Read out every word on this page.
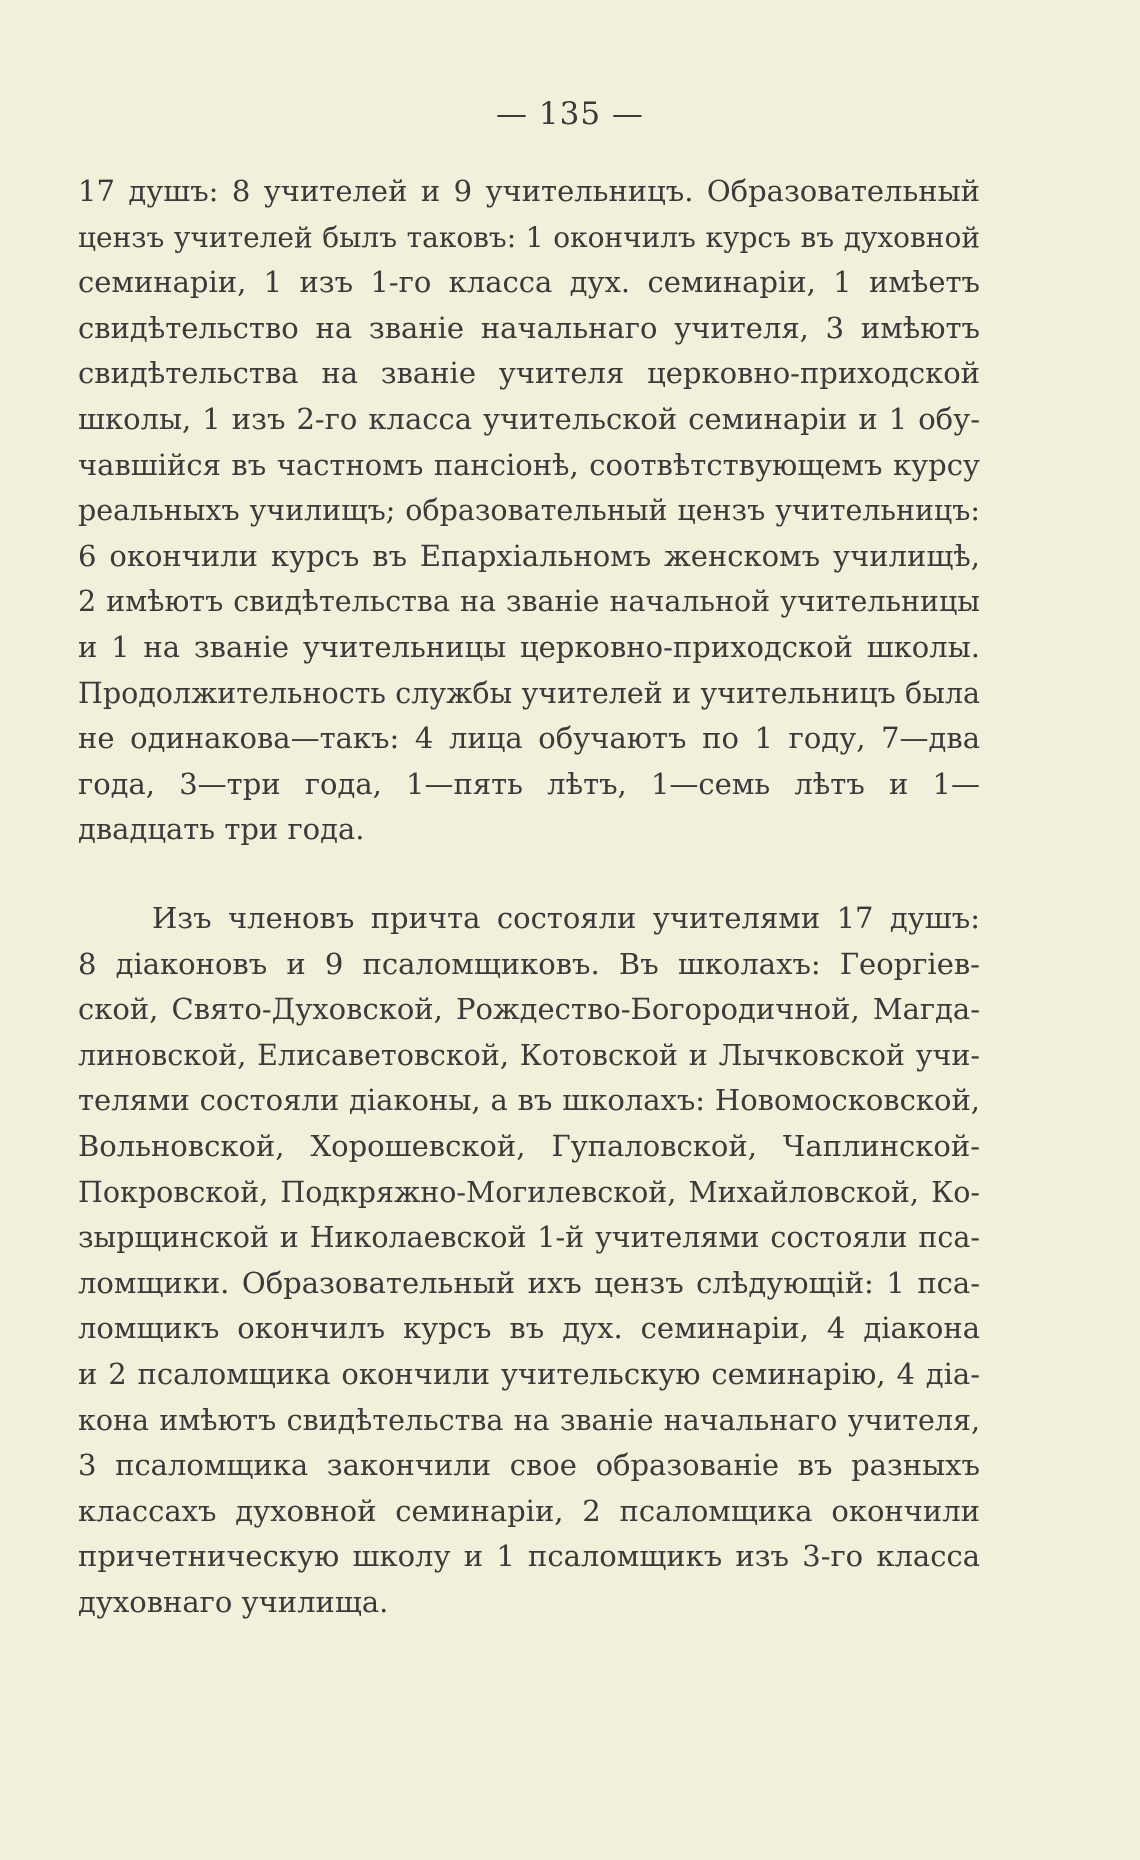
— 135 —

17 душъ: 8 учителей и 9 учительницъ. Образовательный
цензъ учителей былъ таковъ: 1 окончилъ курсъ въ духовной
семинаріи, 1 изъ 1-го класса дух. семинаріи, 1 имѣетъ
свидѣтельство на званіе начальнаго учителя, 3 имѣютъ
свидѣтельства на званіе учителя церковно-приходской
школы, 1 изъ 2-го класса учительской семинаріи и 1 обу-
чавшійся въ частномъ пансіонѣ, соотвѣтствующемъ курсу
реальныхъ училищъ; образовательный цензъ учительницъ:
6 окончили курсъ въ Епархіальномъ женскомъ училищѣ,
2 имѣютъ свидѣтельства на званіе начальной учительницы
и 1 на званіе учительницы церковно-приходской школы.
Продолжительность службы учителей и учительницъ была
не одинакова—такъ: 4 лица обучаютъ по 1 году, 7—два
года, 3—три года, 1—пять лѣтъ, 1—семь лѣтъ и 1—
двадцать три года.

Изъ членовъ причта состояли учителями 17 душъ:
8 діаконовъ и 9 псаломщиковъ. Въ школахъ: Георгіев-
ской, Свято-Духовской, Рождество-Богородичной, Магда-
линовской, Елисаветовской, Котовской и Лычковской учи-
телями состояли діаконы, а въ школахъ: Новомосковской,
Вольновской, Хорошевской, Гупаловской, Чаплинской-
Покровской, Подкряжно-Могилевской, Михайловской, Ко-
зырщинской и Николаевской 1-й учителями состояли пса-
ломщики. Образовательный ихъ цензъ слѣдующій: 1 пса-
ломщикъ окончилъ курсъ въ дух. семинаріи, 4 діакона
и 2 псаломщика окончили учительскую семинарію, 4 діа-
кона имѣютъ свидѣтельства на званіе начальнаго учителя,
3 псаломщика закончили свое образованіе въ разныхъ
классахъ духовной семинаріи, 2 псаломщика окончили
причетническую школу и 1 псаломщикъ изъ 3-го класса
духовнаго училища.
